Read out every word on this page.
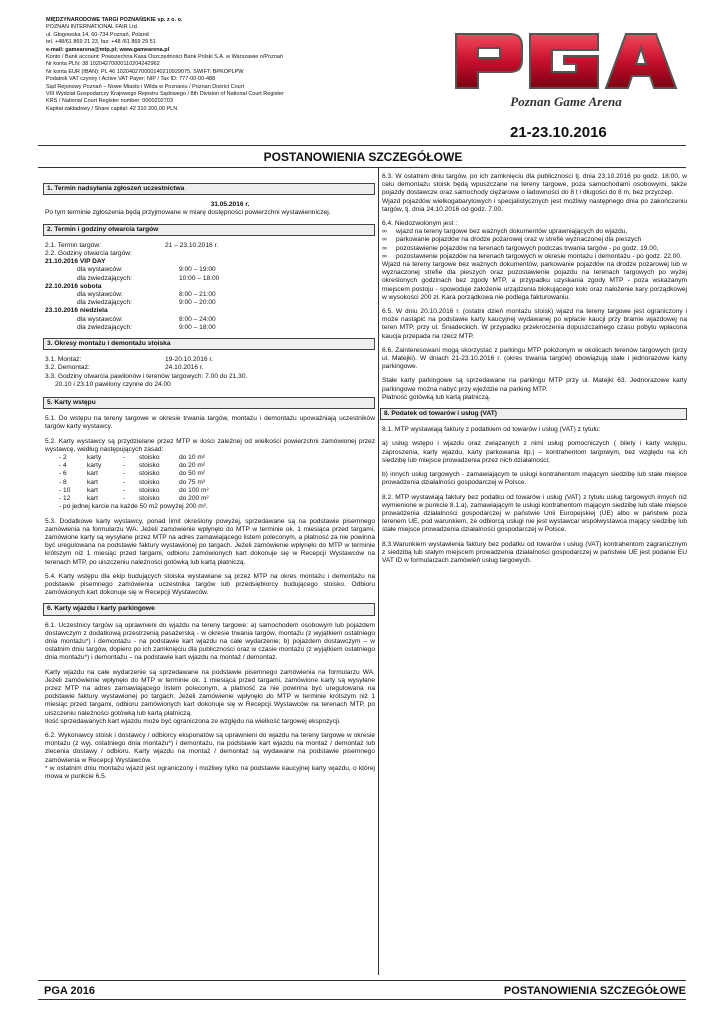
MIĘDZYNARODOWE TARGI POZNAŃSKIE sp. z o. o.
POZNAN INTERNATIONAL FAIR Ltd.
ul. Głogowska 14, 60-734 Poznań, Poland
tel. +48/61 869 21 23, fax: +48 /61 869 29 51
e-mail: gamearena@mtp.pl; www.gamearena.pl
Konto / Bank account: Powszechna Kasa Oszczędności Bank Polski S.A. w Warszawie o/Poznań
Nr konta PLN: 38 1020427000011020424296​2
Nr konta EUR (IBAN): PL 46 102040270000140210929075, SWIFT: BPKOPLPW
Podatnik VAT czynny / Active VAT Payer; NIP / Tax ID: 777-00-00-488
Sąd Rejonowy Poznań – Nowe Miasto i Wilda w Poznaniu / Poznan District Court
VIII Wydział Gospodarczy Krajowego Rejestru Sądowego / 8th Division of National Court Register
KRS / National Court Register number: 0000202703
Kapitał zakładowy / Share capital: 42 310 200,00 PLN	Poznan Game Arena
21-23.10.2016
POSTANOWIENIA SZCZEGÓŁOWE
1. Termin nadsyłania zgłoszeń uczestnictwa
31.05.2016 r.

Po tym terminie zgłoszenia będą przyjmowane w miarę dostępności powierzchni wystawienniczej.

2. Termin i godziny otwarcia targów
2.1. Termin targów:	21 – 23.10.2016 r.
2.2. Godziny otwarcia targów:
21.10.2016 VIP DAY
dla wystawców:	9:00 – 19:00
dla zwiedzających:	10:00 – 18:00
22.10.2016 sobota
dla wystawców:	8:00 – 21:00
dla zwiedzających:	9:00 – 20:00
23.10.2016 niedziela
dla wystawców:	8:00 – 24:00
dla zwiedzających:	9:00 – 18:00
3. Okresy montażu i demontażu stoiska
3.1. Montaż:	19-20.10.2016 r.
3.2. Demontaż:	24.10.2016 r.
3.3. Godziny otwarcia pawilonów i terenów targowych: 7.00 do 21.30.
20.10 i 23.10 pawilony czynne do 24.00
5. Karty wstępu

5.1. Do wstępu na tereny targowe w okresie trwania targów, montażu i demontażu upoważniają uczestników targów karty wystawcy.

5.2. Karty wystawcy są przydzielane przez MTP w ilości zależnej od wielkości powierzchni zamówionej przez wystawcę, według następujących zasad:

- 2	karty	-	stoisko	do 10 m²
- 4	karty	-	stoisko	do 20 m²
- 6	kart	-	stoisko	do 50 m²
- 8	kart	-	stoisko	do 75 m²
- 10	kart	-	stoisko	do 100 m²
- 12	kart	-	stoisko	do 200 m²

- po jednej karcie na każde 50 m2 powyżej 200 m².

5.3. Dodatkowe karty wystawcy, ponad limit określony powyżej, sprzedawane są na podstawie pisemnego zamówienia na formularzu WA. Jeżeli zamówienie wpłynęło do MTP w terminie ok. 1 miesiąca przed targami, zamówione karty są wysyłane przez MTP na adres zamawiającego listem poleconym, a płatność za nie powinna być uregulowana na podstawie faktury wystawionej po targach. Jeżeli zamówienie wpłynęło do MTP w terminie krótszym niż 1 miesiąc przed targami, odbioru zamówionych kart dokonuje się w Recepcji Wystawców na terenach MTP, po uiszczeniu należności gotówką lub kartą płatniczą.

5.4. Karty wstępu dla ekip budujących stoiska wystawiane są przez MTP na okres montażu i demontażu na podstawie pisemnego zamówienia uczestnika targów lub przedsiębiorcy budującego stoisko. Odbioru zamówionych kart dokonuje się w Recepcji Wystawców.

6. Karty wjazdu i karty parkingowe

6.1. Uczestnicy targów są uprawnieni do wjazdu na tereny targowe: a) samochodem osobowym lub pojazdem dostawczym z dodatkową przestrzenią pasażerską - w okresie trwania targów, montażu (z wyjątkiem ostatniego dnia montażu*) i demontażu - na podstawie kart wjazdu na całe wydarzenie; b) pojazdem dostawczym – w ostatnim dniu targów, dopiero po ich zamknięciu dla publiczności oraz w czasie montażu (z wyjątkiem ostatniego dnia montażu*) i demontażu – na podstawie kart wjazdu na montaż / demontaż.

Karty wjazdu na całe wydarzenie są sprzedawane na podstawie pisemnego zamówienia na formularzu WA. Jeżeli zamówienie wpłynęło do MTP w terminie ok. 1 miesiąca przed targami, zamówione karty są wysyłane przez MTP na adres zamawiającego listem poleconym, a płatność za nie powinna być uregulowana na podstawie faktury wystawionej po targach. Jeżeli zamówienie wpłynęło do MTP w terminie krótszym niż 1 miesiąc przed targami, odbioru zamówionych kart dokonuje się w Recepcji Wystawców na terenach MTP, po uiszczeniu należności gotówką lub kartą płatniczą.

Ilość sprzedawanych kart wjazdu może być ograniczona ze względu na wielkość targowej ekspozycji.

6.2. Wykonawcy stoisk i dostawcy / odbiorcy eksponatów są uprawnieni do wjazdu na tereny targowe w okresie montażu (z wyj. ostatniego dnia montażu*) i demontażu, na podstawie kart wjazdu na montaż / demontaż lub zlecenia dostawy / odbioru. Karty wjazdu na montaż / demontaż są wydawane na podstawie pisemnego zamówienia w Recepcji Wystawców.

* w ostatnim dniu montażu wjazd jest ograniczony i możliwy tylko na podstawie kaucyjnej karty wjazdu, o której mowa w punkcie 6.5.

6.3. W ostatnim dniu targów, po ich zamknięciu dla publiczności tj. dnia 23.10.2016 po godz. 18:00, w celu demontażu stoisk będą wpuszczane na tereny targowe, poza samochodami osobowymi, także pojazdy dostawcze oraz samochody ciężarowe o ładowności do 8 t i długości do 8 m, bez przyczep.

Wjazd pojazdów wielkogabarytowych i specjalistycznych jest możliwy następnego dnia po zakończeniu targów, tj. dnia 24.10.2016 od godz. 7.00.

6.4. Niedozwolonym jest :
∞	wjazd na tereny targowe bez ważnych dokumentów uprawniających do wjazdu,
∞	parkowanie pojazdów na drodze pożarowej oraz w strefie wyznaczonej dla pieszych
∞	pozostawienie pojazdów na terenach targowych podczas trwania targów - po godz. 19.00,
∞	pozostawienie pojazdów na terenach targowych w okresie montażu i demontażu - po godz. 22.00.

Wjazd na tereny targowe bez ważnych dokumentów, parkowanie pojazdów na drodze pożarowej lub w wyznaczonej strefie dla pieszych oraz pozostawienie pojazdu na terenach targowych po wyżej określonych godzinach bez zgody MTP, a przypadku uzyskania zgody MTP - poza wskazanym miejscem postoju - spowoduje założenie urządzenia blokującego koło oraz nałożenie kary porządkowej w wysokości 200 zł. Kara porządkowa nie podlega fakturowaniu.

6.5. W dniu 20.10.2016 r. (ostatni dzień montażu stoisk) wjazd na tereny targowe jest ograniczony i może nastąpić na podstawie karty kaucyjnej wydawanej po wpłacie kaucji przy bramie wjazdowej na teren MTP, przy ul. Śniadeckich. W przypadku przekroczenia dopuszczalnego czasu pobytu wpłacona kaucja przepada na rzecz MTP.

6.6. Zainteresowani mogą skorzystać z parkingu MTP położonym w okolicach terenów targowych (przy ul. Matejki). W dniach 21-23.10.2016 r. (okres trwania targów) obowiązują stałe i jednorazowe karty parkingowe.

Stałe karty parkingowe są sprzedawane na parkingu MTP przy ul. Matejki 63. Jednorazowe karty parkingowe można nabyć przy wjeździe na parking MTP.

Płatność gotówką lub kartą płatniczą.

8. Podatek od towarów i usług (VAT)

8.1. MTP wystawiają faktury z podatkiem od towarów i usług (VAT) z tytułu:

a) usług wstępu i wjazdu oraz związanych z nimi usług pomocniczych ( bilety i karty wstępu, zaproszenia, karty wjazdu, karty parkowania itp.) – kontrahentom targowym, bez względu na ich siedzibę lub miejsce prowadzenia przez nich działalności;

b) innych usług targowych - zamawiającym te usługi kontrahentom mającym siedzibę lub stałe miejsce prowadzenia działalności gospodarczej w Polsce.

8.2. MTP wystawiają faktury bez podatku od towarów i usług (VAT) z tytułu usług targowych innych niż wymienione w punkcie 8.1.a), zamawiającym te usługi kontrahentom mającym siedzibę lub stałe miejsce prowadzenia działalności gospodarczej w państwie Unii Europejskiej (UE) albo w państwie poza terenem UE, pod warunkiem, że odbiorcą usługi nie jest wystawca/ współwystawca mający siedzibę lub stałe miejsce prowadzenia działalności gospodarczej w Polsce.

8.3.Warunkiem wystawienia faktury bez podatku od towarów i usług (VAT) kontrahentom zagranicznym z siedzibą lub stałym miejscem prowadzenia działalności gospodarczej w państwie UE jest podanie EU VAT ID w formularzach zamówień usług targowych.

PGA 2016	POSTANOWIENIA SZCZEGÓŁOWE
